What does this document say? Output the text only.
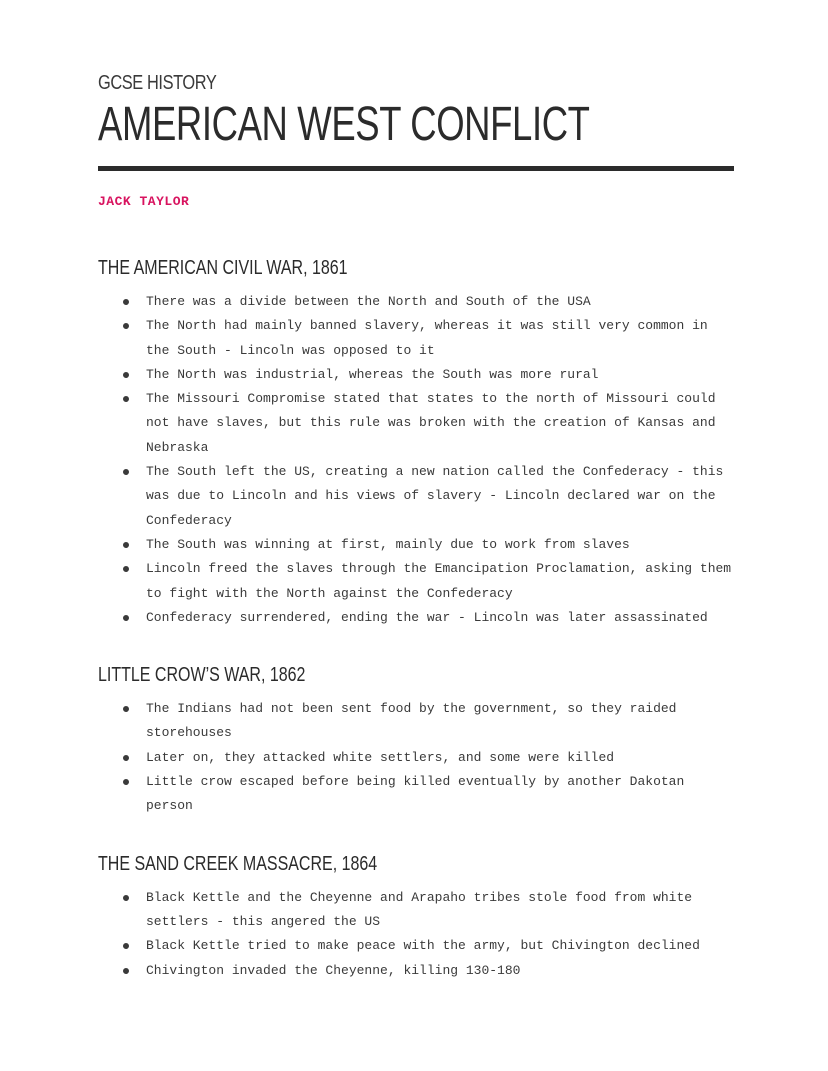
GCSE HISTORY

AMERICAN WEST CONFLICT
JACK TAYLOR
THE AMERICAN CIVIL WAR, 1861
There was a divide between the North and South of the USA
The North had mainly banned slavery, whereas it was still very common in the South - Lincoln was opposed to it
The North was industrial, whereas the South was more rural
The Missouri Compromise stated that states to the north of Missouri could not have slaves, but this rule was broken with the creation of Kansas and Nebraska
The South left the US, creating a new nation called the Confederacy - this was due to Lincoln and his views of slavery - Lincoln declared war on the Confederacy
The South was winning at first, mainly due to work from slaves
Lincoln freed the slaves through the Emancipation Proclamation, asking them to fight with the North against the Confederacy
Confederacy surrendered, ending the war - Lincoln was later assassinated
LITTLE CROW’S WAR, 1862
The Indians had not been sent food by the government, so they raided storehouses
Later on, they attacked white settlers, and some were killed
Little crow escaped before being killed eventually by another Dakotan person
THE SAND CREEK MASSACRE, 1864
Black Kettle and the Cheyenne and Arapaho tribes stole food from white settlers - this angered the US
Black Kettle tried to make peace with the army, but Chivington declined
Chivington invaded the Cheyenne, killing 130-180
